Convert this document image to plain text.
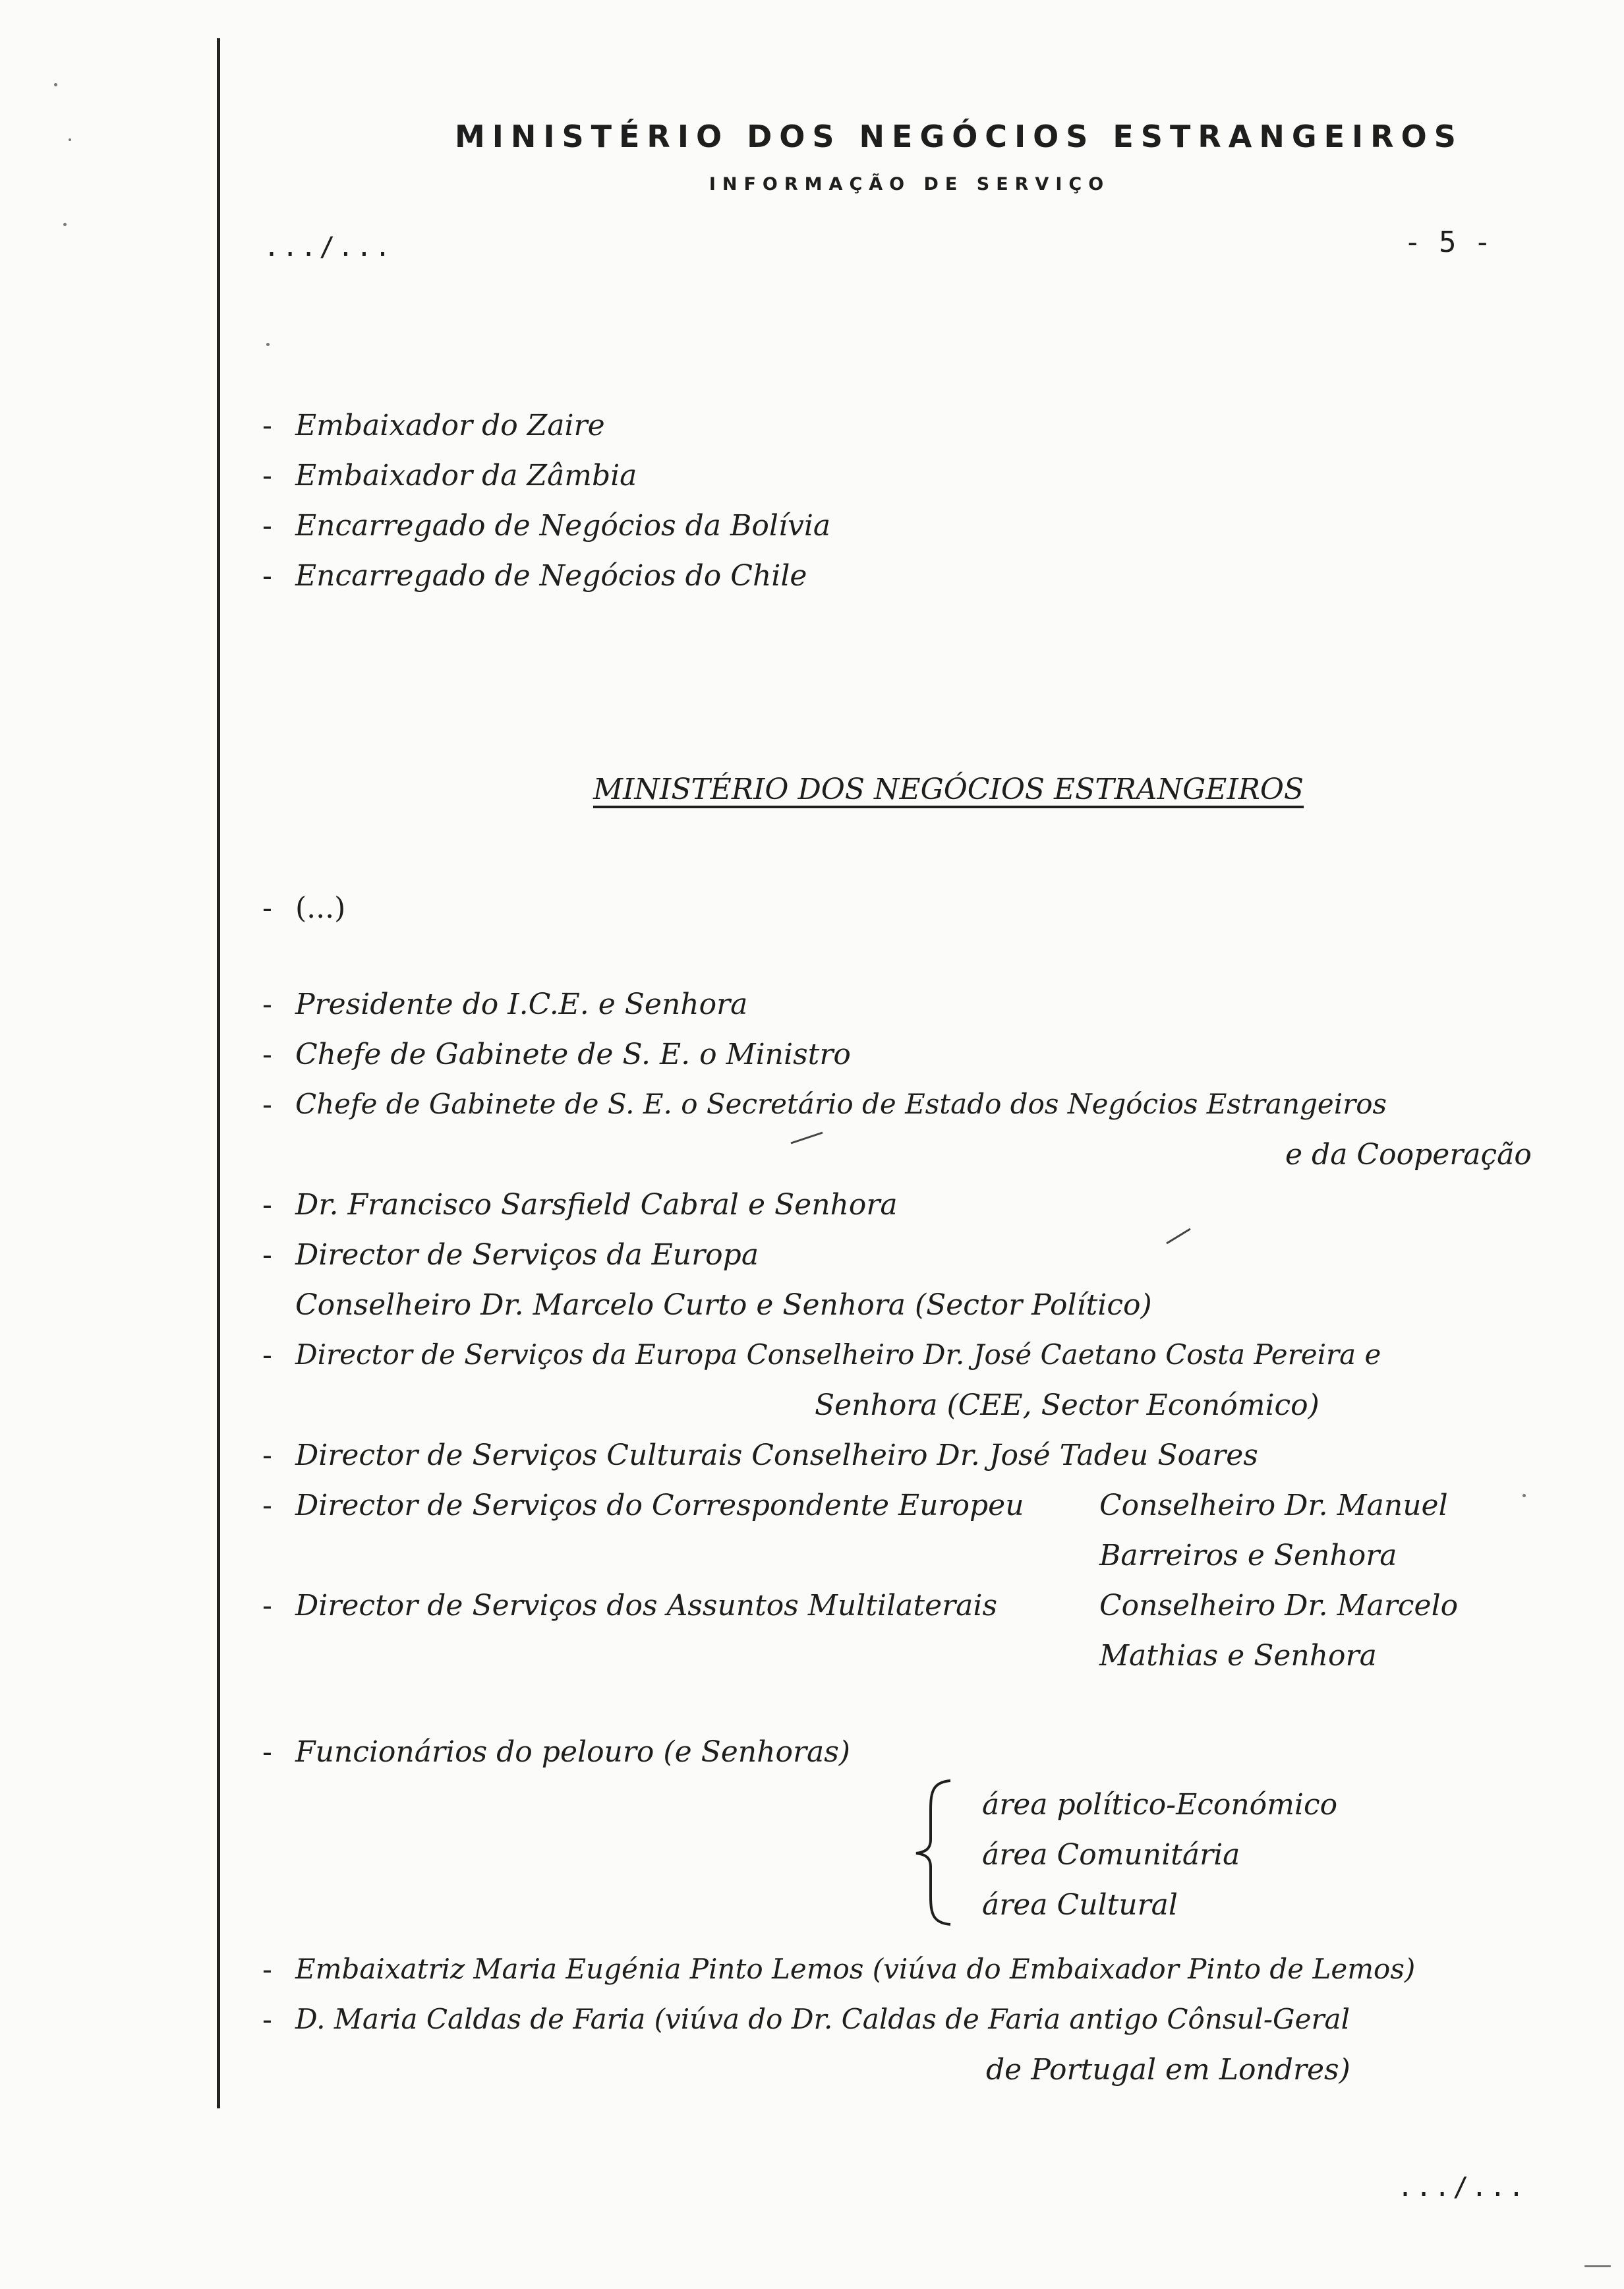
MINISTÉRIO DOS NEGÓCIOS ESTRANGEIROS
INFORMAÇÃO DE SERVIÇO
.../...	- 5 -
- Embaixador do Zaire
- Embaixador da Zâmbia
- Encarregado de Negócios da Bolívia
- Encarregado de Negócios do Chile
MINISTÉRIO DOS NEGÓCIOS ESTRANGEIROS
- (...)
- Presidente do I.C.E. e Senhora
- Chefe de Gabinete de S. E. o Ministro
- Chefe de Gabinete de S. E. o Secretário de Estado dos Negócios Estrangeiros
e da Cooperação
- Dr. Francisco Sarsfield Cabral e Senhora
- Director de Serviços da Europa
Conselheiro Dr. Marcelo Curto e Senhora (Sector Político)
- Director de Serviços da Europa Conselheiro Dr. José Caetano Costa Pereira e
Senhora (CEE, Sector Económico)
- Director de Serviços Culturais Conselheiro Dr. José Tadeu Soares
- Director de Serviços do Correspondente Europeu	Conselheiro Dr. Manuel
Barreiros e Senhora
- Director de Serviços dos Assuntos Multilaterais	Conselheiro Dr. Marcelo
Mathias e Senhora
- Funcionários do pelouro (e Senhoras)
área político-Económico
área Comunitária
área Cultural
- Embaixatriz Maria Eugénia Pinto Lemos (viúva do Embaixador Pinto de Lemos)
- D. Maria Caldas de Faria (viúva do Dr. Caldas de Faria antigo Cônsul-Geral
de Portugal em Londres)
.../...
